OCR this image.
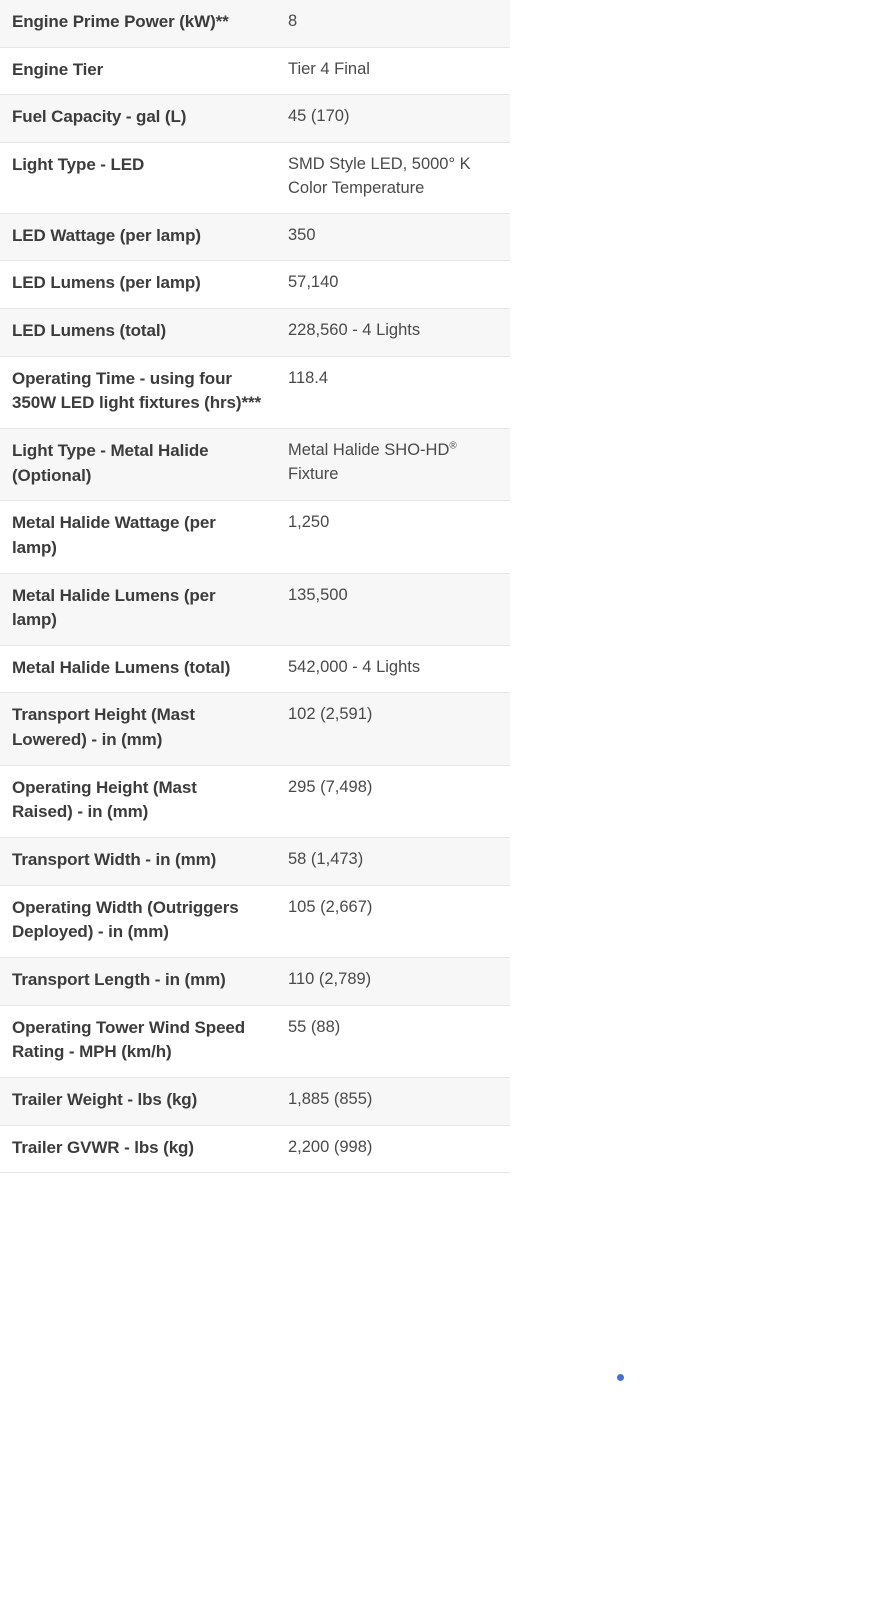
Engine Prime Power (kW)**	8
Engine Tier	Tier 4 Final
Fuel Capacity - gal (L)	45 (170)
Light Type - LED	SMD Style LED, 5000° K Color Temperature
LED Wattage (per lamp)	350
LED Lumens (per lamp)	57,140
LED Lumens (total)	228,560 - 4 Lights
Operating Time - using four 350W LED light fixtures (hrs)***	118.4
Light Type - Metal Halide (Optional)	Metal Halide SHO-HD® Fixture
Metal Halide Wattage (per lamp)	1,250
Metal Halide Lumens (per lamp)	135,500
Metal Halide Lumens (total)	542,000 - 4 Lights
Transport Height (Mast Lowered) - in (mm)	102 (2,591)
Operating Height (Mast Raised) - in (mm)	295 (7,498)
Transport Width - in (mm)	58 (1,473)
Operating Width (Outriggers Deployed) - in (mm)	105 (2,667)
Transport Length - in (mm)	110 (2,789)
Operating Tower Wind Speed Rating - MPH (km/h)	55 (88)
Trailer Weight - lbs (kg)	1,885 (855)
Trailer GVWR - lbs (kg)	2,200 (998)
